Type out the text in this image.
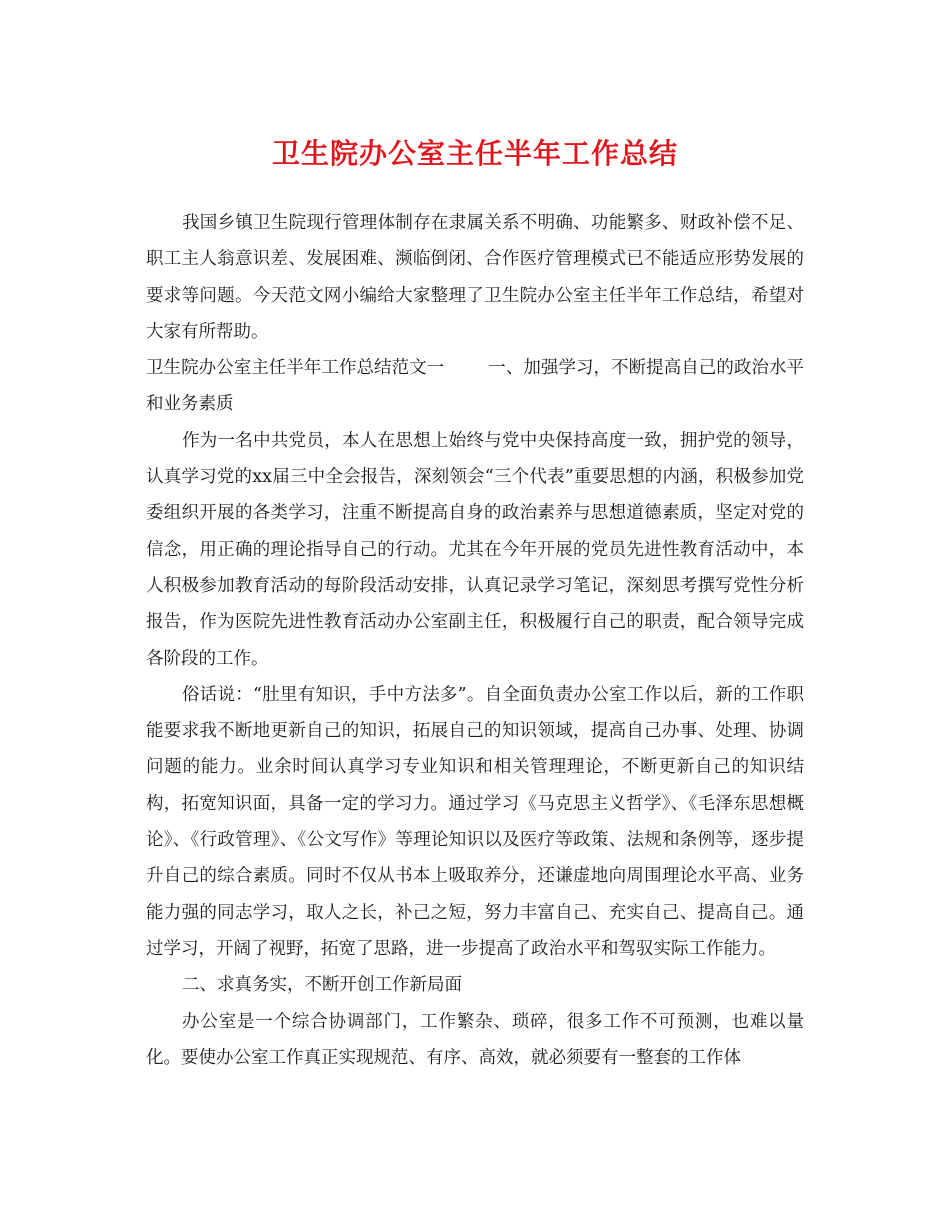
卫生院办公室主任半年工作总结

我国乡镇卫生院现行管理体制存在隶属关系不明确、功能繁多、财政补偿不足、职工主人翁意识差、发展困难、濒临倒闭、合作医疗管理模式已不能适应形势发展的要求等问题。今天范文网小编给大家整理了卫生院办公室主任半年工作总结，希望对大家有所帮助。

卫生院办公室主任半年工作总结范文一	一、加强学习，不断提高自己的政治水平和业务素质

作为一名中共党员，本人在思想上始终与党中央保持高度一致，拥护党的领导，认真学习党的xx届三中全会报告，深刻领会“三个代表”重要思想的内涵，积极参加党委组织开展的各类学习，注重不断提高自身的政治素养与思想道德素质，坚定对党的信念，用正确的理论指导自己的行动。尤其在今年开展的党员先进性教育活动中，本人积极参加教育活动的每阶段活动安排，认真记录学习笔记，深刻思考撰写党性分析报告，作为医院先进性教育活动办公室副主任，积极履行自己的职责，配合领导完成各阶段的工作。

俗话说：“肚里有知识，手中方法多”。自全面负责办公室工作以后，新的工作职能要求我不断地更新自己的知识，拓展自己的知识领域，提高自己办事、处理、协调问题的能力。业余时间认真学习专业知识和相关管理理论，不断更新自己的知识结构，拓宽知识面，具备一定的学习力。通过学习《马克思主义哲学》、《毛泽东思想概论》、《行政管理》、《公文写作》等理论知识以及医疗等政策、法规和条例等，逐步提升自己的综合素质。同时不仅从书本上吸取养分，还谦虚地向周围理论水平高、业务能力强的同志学习，取人之长，补己之短，努力丰富自己、充实自己、提高自己。通过学习，开阔了视野，拓宽了思路，进一步提高了政治水平和驾驭实际工作能力。

二、求真务实，不断开创工作新局面

办公室是一个综合协调部门，工作繁杂、琐碎，很多工作不可预测，也难以量化。要使办公室工作真正实现规范、有序、高效，就必须要有一整套的工作体
